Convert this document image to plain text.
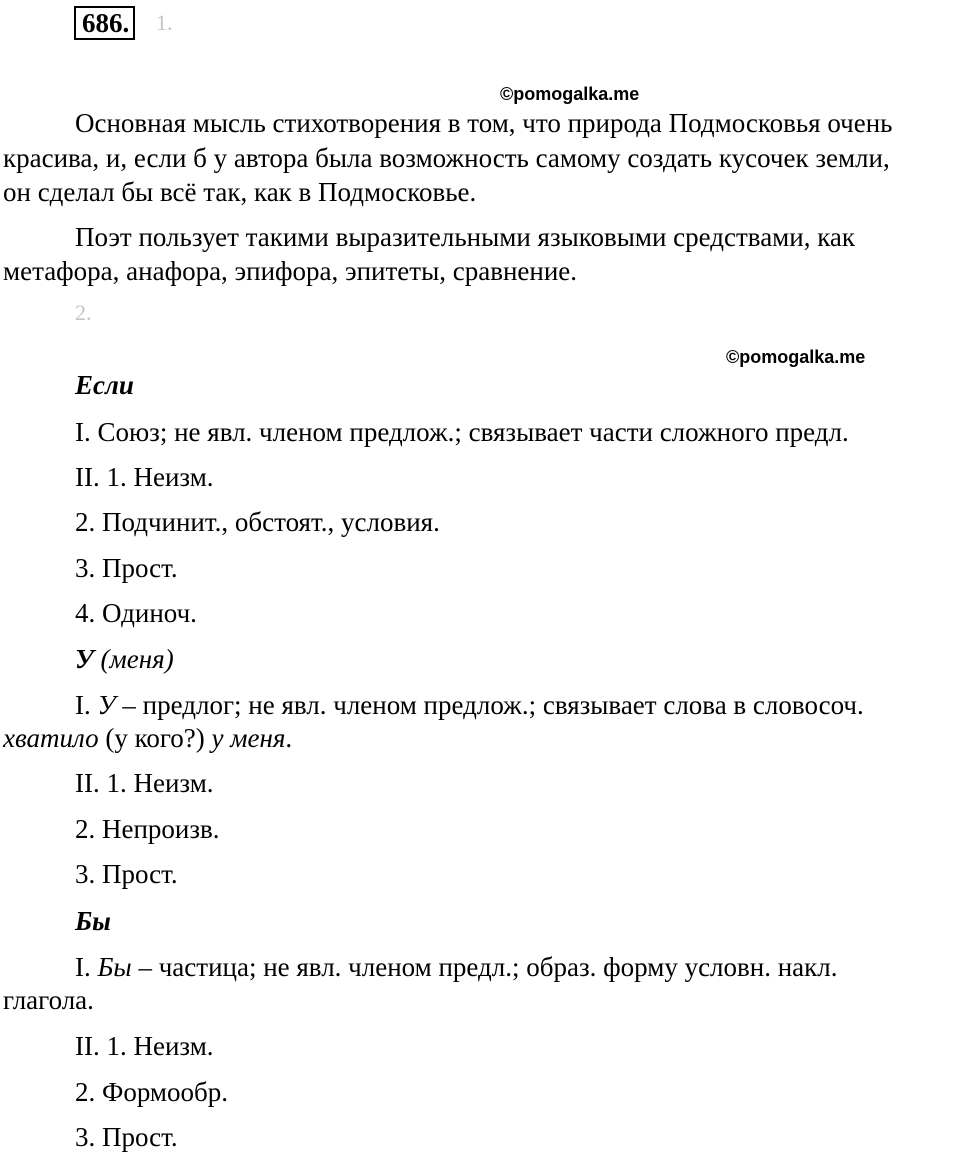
686. 1.
©pomogalka.me
Основная мысль стихотворения в том, что природа Подмосковья очень
красива, и, если б у автора была возможность самому создать кусочек земли,
он сделал бы всё так, как в Подмосковье.
Поэт пользует такими выразительными языковыми средствами, как
метафора, анафора, эпифора, эпитеты, сравнение.
2.
©pomogalka.me
Если
I. Союз; не явл. членом предлож.; связывает части сложного предл.
II. 1. Неизм.
2. Подчинит., обстоят., условия.
3. Прост.
4. Одиноч.
У (меня)
I. У – предлог; не явл. членом предлож.; связывает слова в словосоч.
хватило (у кого?) у меня.
II. 1. Неизм.
2. Непроизв.
3. Прост.
Бы
I. Бы – частица; не явл. членом предл.; образ. форму условн. накл.
глагола.
II. 1. Неизм.
2. Формообр.
3. Прост.
